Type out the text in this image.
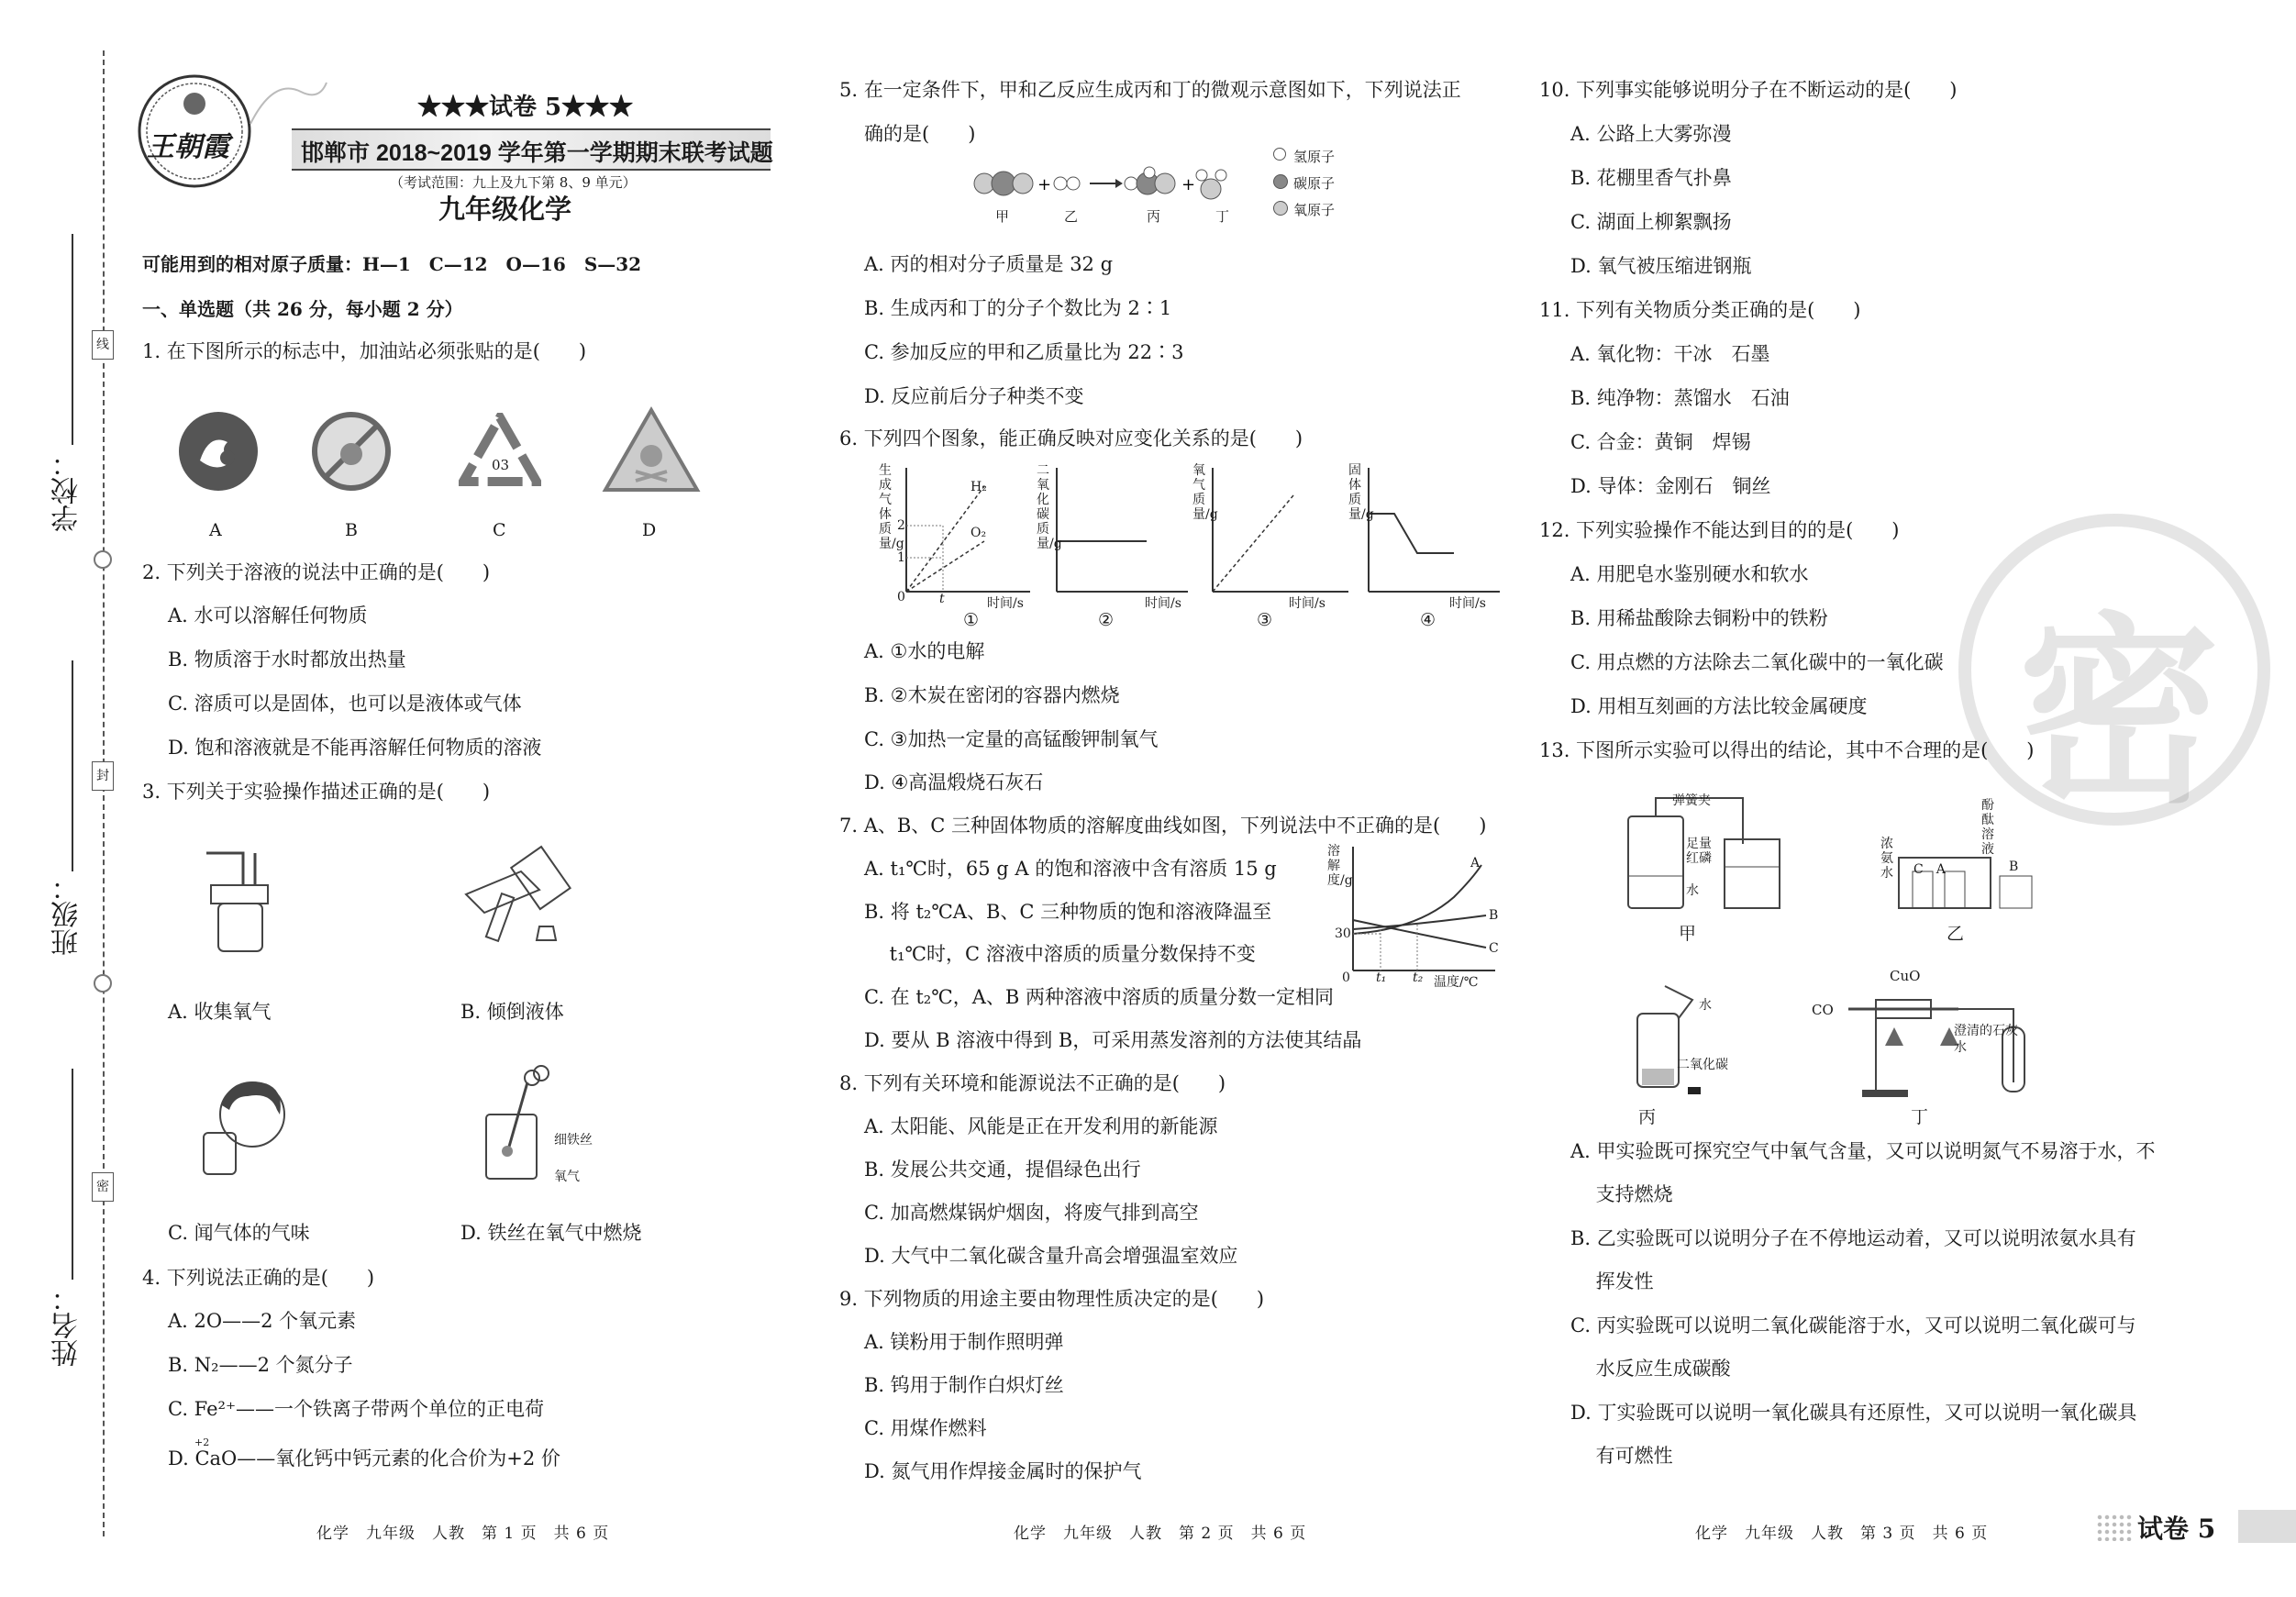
线
封
密
学校：
班级：
姓名：
王朝霞
★★★试卷 5★★★
邯郸市 2018~2019 学年第一学期期末联考试题
（考试范围：九上及九下第 8、9 单元）
九年级化学
可能用到的相对原子质量：H—1　C—12　O—16　S—32
一、单选题（共 26 分，每小题 2 分）
1. 在下图所示的标志中，加油站必须张贴的是(　　)
03
A	B	C	D
2. 下列关于溶液的说法中正确的是(　　)
A. 水可以溶解任何物质
B. 物质溶于水时都放出热量
C. 溶质可以是固体，也可以是液体或气体
D. 饱和溶液就是不能再溶解任何物质的溶液
3. 下列关于实验操作描述正确的是(　　)
A. 收集氧气	B. 倾倒液体
细铁丝
氧气
C. 闻气体的气味	D. 铁丝在氧气中燃烧
4. 下列说法正确的是(　　)
A. 2O——2 个氧元素
B. N₂——2 个氮分子
C. Fe²⁺——一个铁离子带两个单位的正电荷
+2
D. CaO——氧化钙中钙元素的化合价为+2 价
化学　九年级　人教　第 1 页　共 6 页
5. 在一定条件下，甲和乙反应生成丙和丁的微观示意图如下，下列说法正
确的是(　　)
+	+
甲	乙	丙	丁
氢原子
碳原子
氧原子
A. 丙的相对分子质量是 32 g
B. 生成丙和丁的分子个数比为 2∶1
C. 参加反应的甲和乙质量比为 22∶3
D. 反应前后分子种类不变
6. 下列四个图象，能正确反映对应变化关系的是(　　)
生成气体质量/g
H₂
O₂
2
1
t
0	时间/s
二氧化碳质量/g
时间/s
氧气质量/g
时间/s
固体质量/g
时间/s
①	②	③	④
A. ①水的电解
B. ②木炭在密闭的容器内燃烧
C. ③加热一定量的高锰酸钾制氧气
D. ④高温煅烧石灰石
7. A、B、C 三种固体物质的溶解度曲线如图，下列说法中不正确的是(　　)
A. t₁℃时，65 g A 的饱和溶液中含有溶质 15 g
B. 将 t₂℃A、B、C 三种物质的饱和溶液降温至
　 t₁℃时，C 溶液中溶质的质量分数保持不变
C. 在 t₂℃，A、B 两种溶液中溶质的质量分数一定相同
D. 要从 B 溶液中得到 B，可采用蒸发溶剂的方法使其结晶
溶解度/g
30
0 t₁ t₂ 温度/℃
A
B
C
8. 下列有关环境和能源说法不正确的是(　　)
A. 太阳能、风能是正在开发利用的新能源
B. 发展公共交通，提倡绿色出行
C. 加高燃煤锅炉烟囱，将废气排到高空
D. 大气中二氧化碳含量升高会增强温室效应
9. 下列物质的用途主要由物理性质决定的是(　　)
A. 镁粉用于制作照明弹
B. 钨用于制作白炽灯丝
C. 用煤作燃料
D. 氮气用作焊接金属时的保护气
化学　九年级　人教　第 2 页　共 6 页
密
10. 下列事实能够说明分子在不断运动的是(　　)
A. 公路上大雾弥漫
B. 花棚里香气扑鼻
C. 湖面上柳絮飘扬
D. 氧气被压缩进钢瓶
11. 下列有关物质分类正确的是(　　)
A. 氧化物：干冰　石墨
B. 纯净物：蒸馏水　石油
C. 合金：黄铜　焊锡
D. 导体：金刚石　铜丝
12. 下列实验操作不能达到目的的是(　　)
A. 用肥皂水鉴别硬水和软水
B. 用稀盐酸除去铜粉中的铁粉
C. 用点燃的方法除去二氧化碳中的一氧化碳
D. 用相互刻画的方法比较金属硬度
13. 下图所示实验可以得出的结论，其中不合理的是(　　)
弹簧夹
足量红磷
水
甲
浓氨水 C　A
酚酞溶液
B
乙
水
二氧化碳
丙
CO
CuO
澄清的石灰水
丁
A. 甲实验既可探究空气中氧气含量，又可以说明氮气不易溶于水，不
　 支持燃烧
B. 乙实验既可以说明分子在不停地运动着，又可以说明浓氨水具有
　 挥发性
C. 丙实验既可以说明二氧化碳能溶于水，又可以说明二氧化碳可与
　 水反应生成碳酸
D. 丁实验既可以说明一氧化碳具有还原性，又可以说明一氧化碳具
　 有可燃性
化学　九年级　人教　第 3 页　共 6 页	试卷 5
